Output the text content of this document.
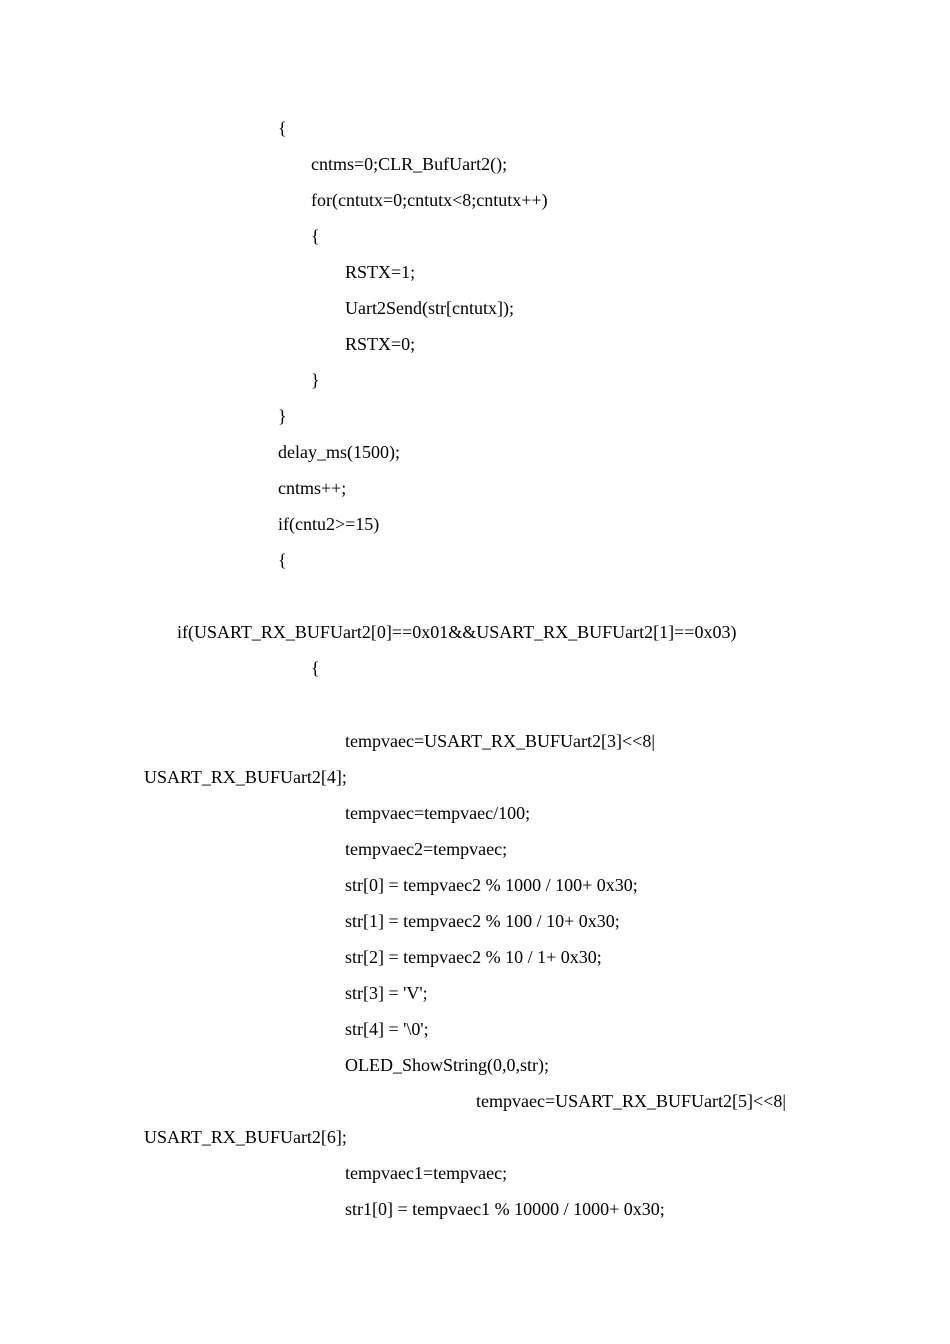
{
cntms=0;CLR_BufUart2();
for(cntutx=0;cntutx<8;cntutx++)
{
RSTX=1;
Uart2Send(str[cntutx]);
RSTX=0;
}
}
delay_ms(1500);
cntms++;
if(cntu2>=15)
{
if(USART_RX_BUFUart2[0]==0x01&&USART_RX_BUFUart2[1]==0x03)
{
tempvaec=USART_RX_BUFUart2[3]<<8|
USART_RX_BUFUart2[4];
tempvaec=tempvaec/100;
tempvaec2=tempvaec;
str[0] = tempvaec2 % 1000 / 100+ 0x30;
str[1] = tempvaec2 % 100 / 10+ 0x30;
str[2] = tempvaec2 % 10 / 1+ 0x30;
str[3] = 'V';
str[4] = '\0';
OLED_ShowString(0,0,str);
tempvaec=USART_RX_BUFUart2[5]<<8|
USART_RX_BUFUart2[6];
tempvaec1=tempvaec;
str1[0] = tempvaec1 % 10000 / 1000+ 0x30;
